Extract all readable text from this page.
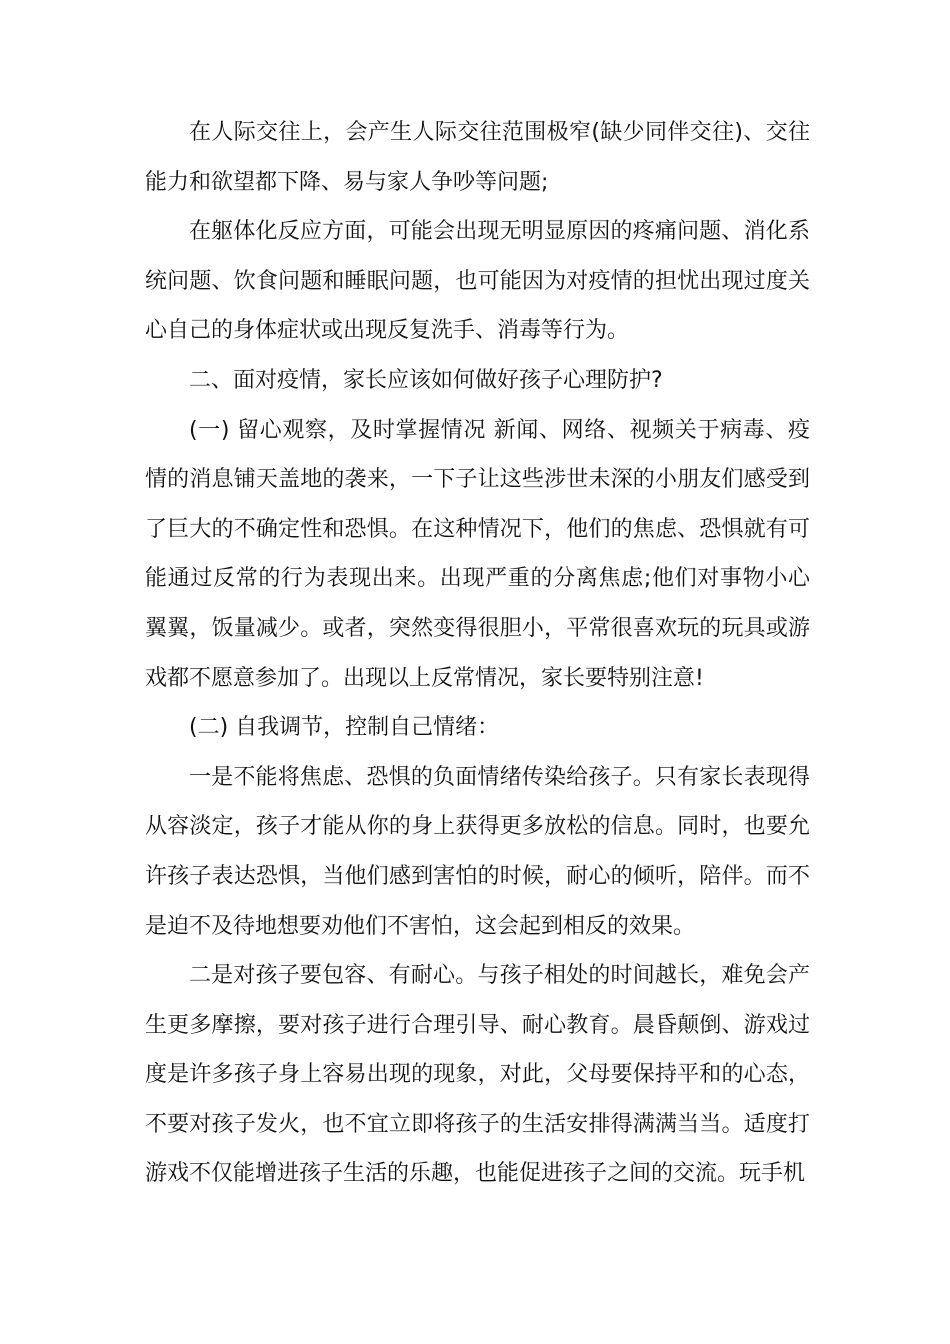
在人际交往上，会产生人际交往范围极窄(缺少同伴交往)、交往能力和欲望都下降、易与家人争吵等问题;

在躯体化反应方面，可能会出现无明显原因的疼痛问题、消化系统问题、饮食问题和睡眠问题，也可能因为对疫情的担忧出现过度关心自己的身体症状或出现反复洗手、消毒等行为。

二、面对疫情，家长应该如何做好孩子心理防护?

(一) 留心观察，及时掌握情况 新闻、网络、视频关于病毒、疫情的消息铺天盖地的袭来，一下子让这些涉世未深的小朋友们感受到了巨大的不确定性和恐惧。在这种情况下，他们的焦虑、恐惧就有可能通过反常的行为表现出来。出现严重的分离焦虑;他们对事物小心翼翼，饭量减少。或者，突然变得很胆小，平常很喜欢玩的玩具或游戏都不愿意参加了。出现以上反常情况，家长要特别注意!

(二) 自我调节，控制自己情绪：

一是不能将焦虑、恐惧的负面情绪传染给孩子。只有家长表现得从容淡定，孩子才能从你的身上获得更多放松的信息。同时，也要允许孩子表达恐惧，当他们感到害怕的时候，耐心的倾听，陪伴。而不是迫不及待地想要劝他们不害怕，这会起到相反的效果。

二是对孩子要包容、有耐心。与孩子相处的时间越长，难免会产生更多摩擦，要对孩子进行合理引导、耐心教育。晨昏颠倒、游戏过度是许多孩子身上容易出现的现象，对此，父母要保持平和的心态，不要对孩子发火，也不宜立即将孩子的生活安排得满满当当。适度打游戏不仅能增进孩子生活的乐趣，也能促进孩子之间的交流。玩手机
